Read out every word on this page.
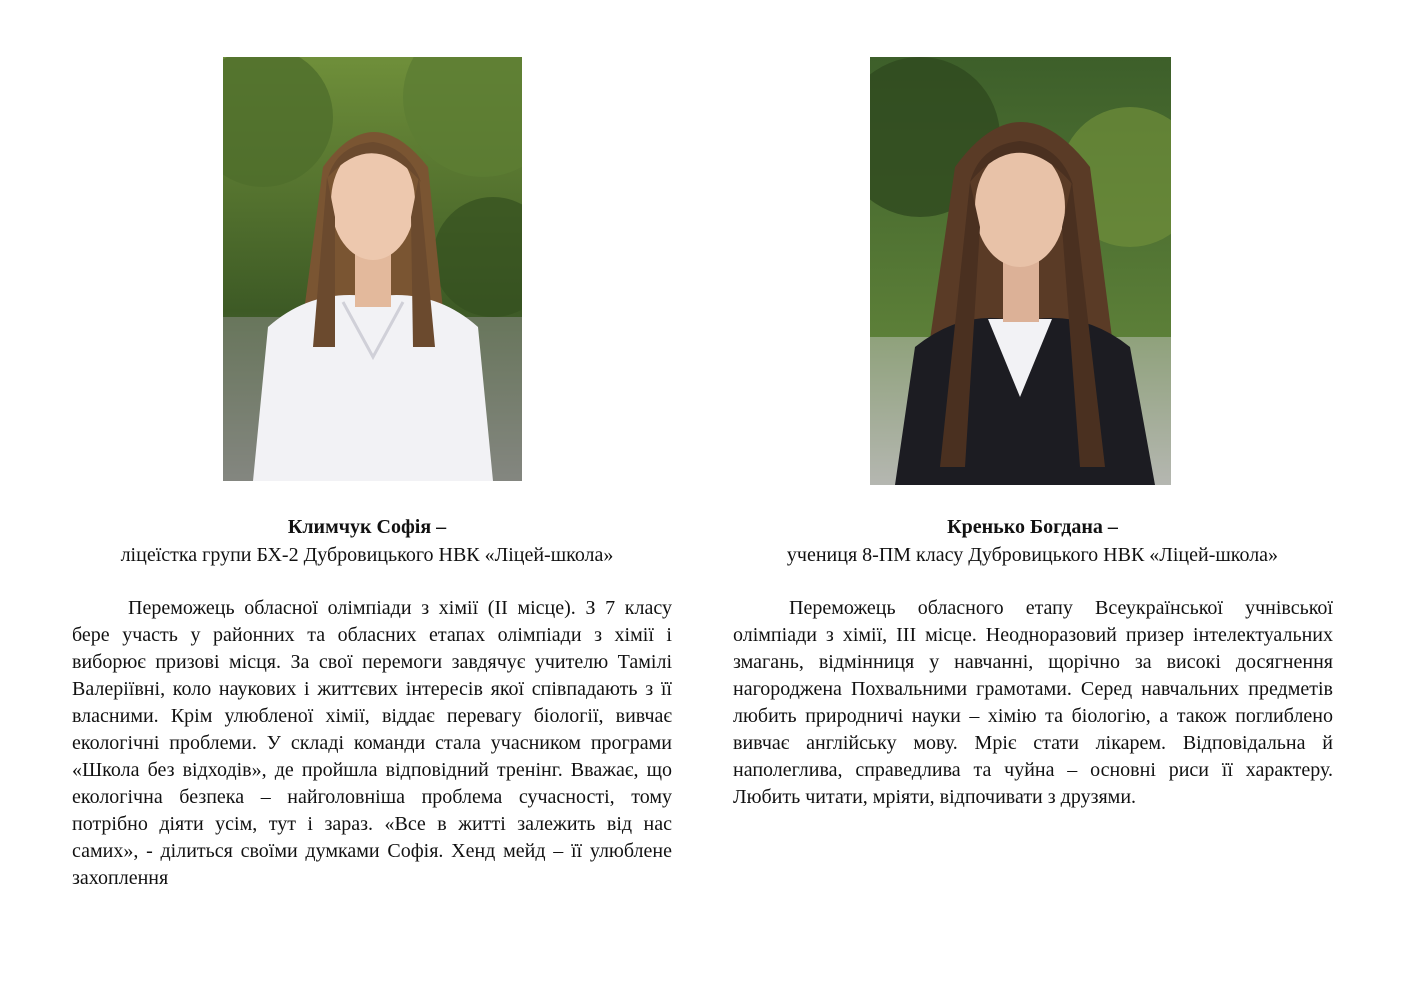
Климчук Софія –
ліцеїстка групи БХ-2 Дубровицького НВК «Ліцей-школа»
Кренько Богдана –
учениця 8-ПМ класу Дубровицького НВК «Ліцей-школа»

Переможець обласної олімпіади з хімії (ІІ місце). З 7 класу бере участь у районних та обласних етапах олімпіади з хімії і виборює призові місця. За свої перемоги завдячує учителю Тамілі Валеріївні, коло наукових і життєвих інтересів якої співпадають з її власними. Крім улюбленої хімії, віддає перевагу біології, вивчає екологічні проблеми. У складі команди стала учасником програми «Школа без відходів», де пройшла відповідний тренінг. Вважає, що екологічна безпека – найголовніша проблема сучасності, тому потрібно діяти усім, тут і зараз. «Все в житті залежить від нас самих», - ділиться своїми думками Софія. Хенд мейд – її улюблене захоплення

Переможець обласного етапу Всеукраїнської учнівської олімпіади з хімії, ІІІ місце. Неодноразовий призер інтелектуальних змагань, відмінниця у навчанні, щорічно за високі досягнення нагороджена Похвальними грамотами. Серед навчальних предметів любить природничі науки – хімію та біологію, а також поглиблено вивчає англійську мову. Мріє стати лікарем. Відповідальна й наполеглива, справедлива та чуйна – основні риси її характеру. Любить читати, мріяти, відпочивати з друзями.
